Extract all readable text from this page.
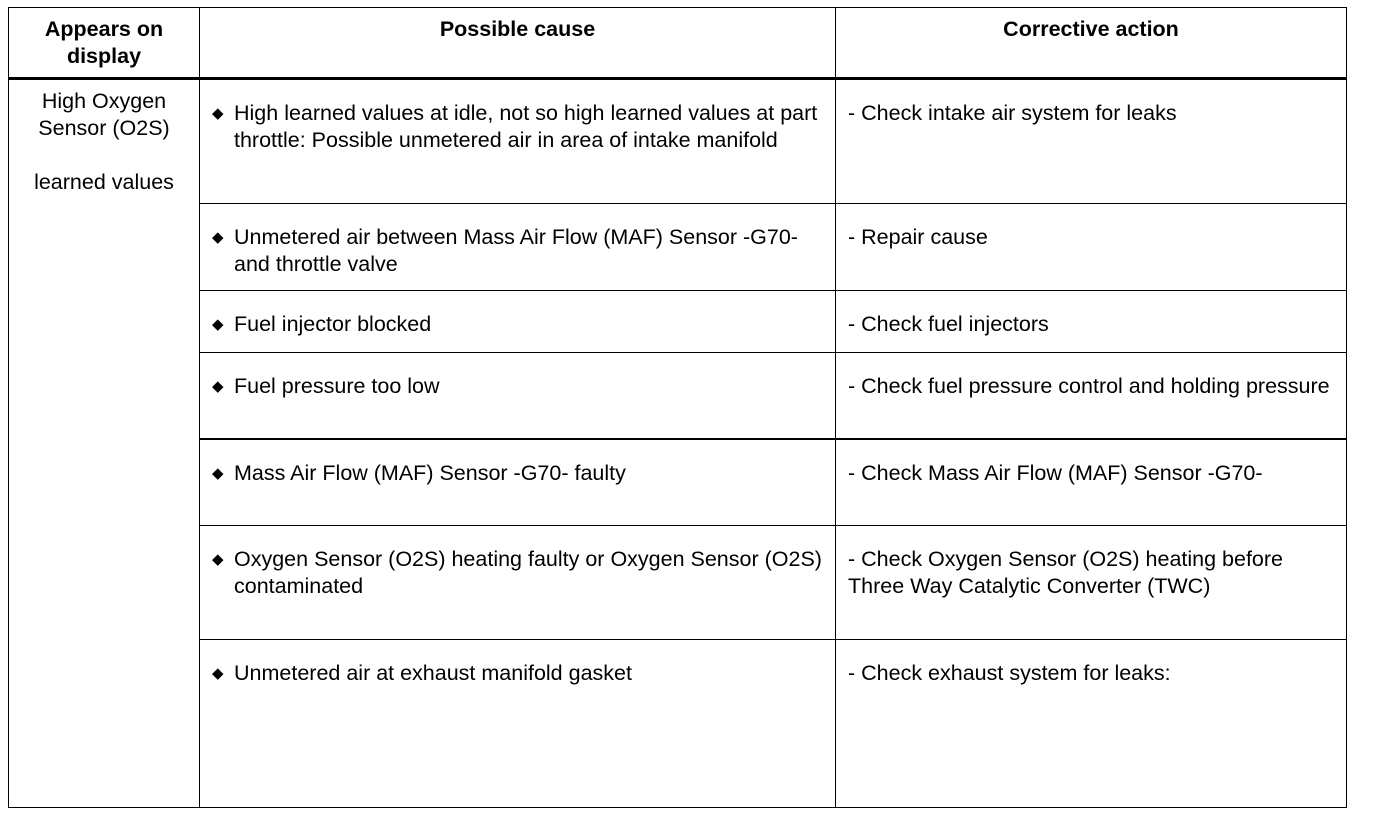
Appears on display	Possible cause	Corrective action

High Oxygen
Sensor (O2S)
learned values	◆ High learned values at idle, not so high learned values at part throttle: Possible unmetered air in area of intake manifold	- Check intake air system for leaks

	◆ Unmetered air between Mass Air Flow (MAF) Sensor -G70- and throttle valve	- Repair cause

	◆ Fuel injector blocked	- Check fuel injectors

	◆ Fuel pressure too low	- Check fuel pressure control and holding pressure

	◆ Mass Air Flow (MAF) Sensor -G70- faulty	- Check Mass Air Flow (MAF) Sensor -G70-

	◆ Oxygen Sensor (O2S) heating faulty or Oxygen Sensor (O2S) contaminated	- Check Oxygen Sensor (O2S) heating before Three Way Catalytic Converter (TWC)

	◆ Unmetered air at exhaust manifold gasket	- Check exhaust system for leaks:
